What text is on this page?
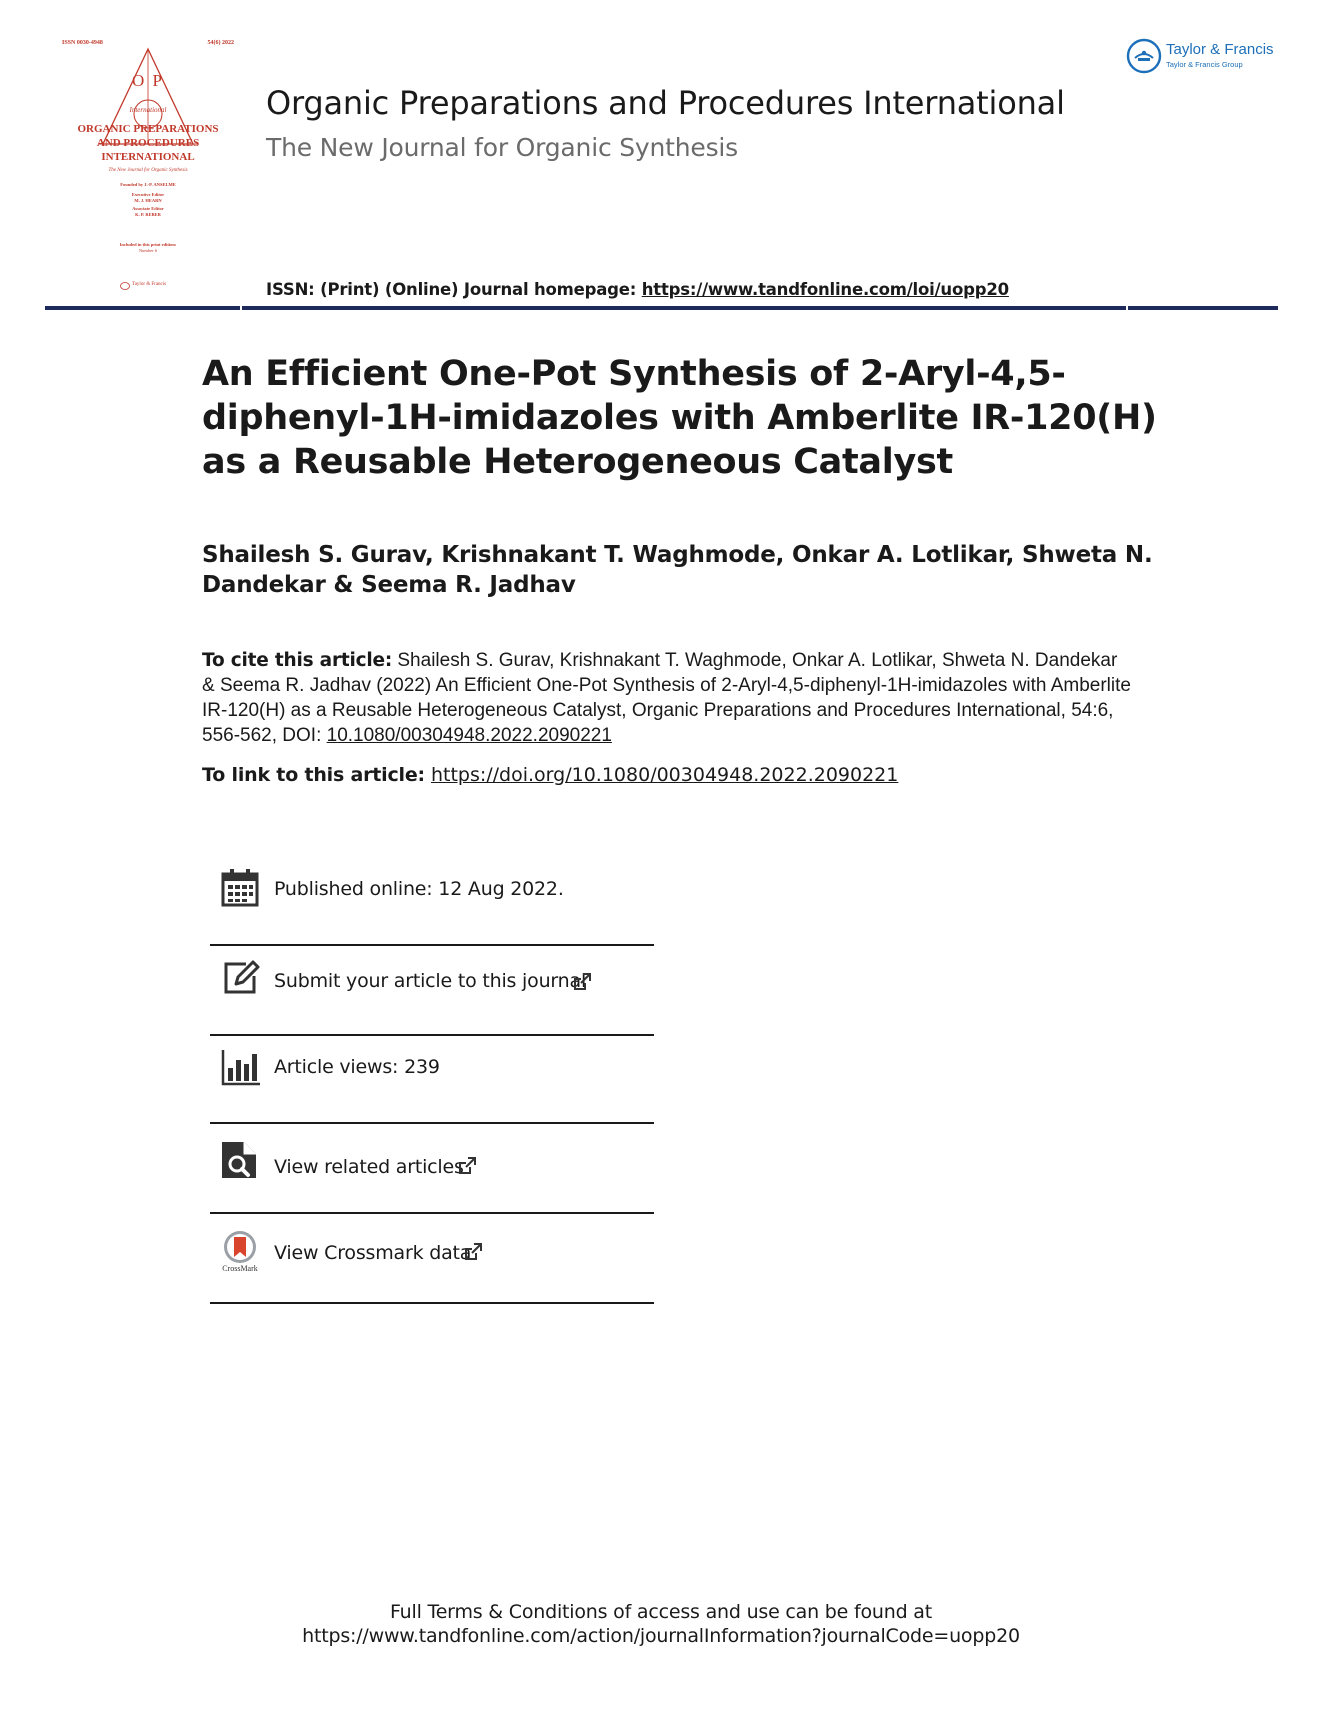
ISSN 0030-4948	54(6) 2022
O P
International
ORGANIC PREPARATIONS
AND PROCEDURES
INTERNATIONAL
The New Journal for Organic Synthesis
Founded by J.-P. ANSELME
Executive Editor
M. J. HEARN
Associate Editor
K. P. REBER
Included in this print edition:
Number 6
Taylor & Francis
Taylor & Francis
Taylor & Francis Group
Organic Preparations and Procedures International
The New Journal for Organic Synthesis
ISSN: (Print) (Online) Journal homepage: https://www.tandfonline.com/loi/uopp20
An Efficient One-Pot Synthesis of 2-Aryl-4,5-diphenyl-1H-imidazoles with Amberlite IR-120(H) as a Reusable Heterogeneous Catalyst
Shailesh S. Gurav, Krishnakant T. Waghmode, Onkar A. Lotlikar, Shweta N. Dandekar & Seema R. Jadhav
To cite this article: Shailesh S. Gurav, Krishnakant T. Waghmode, Onkar A. Lotlikar, Shweta N. Dandekar & Seema R. Jadhav (2022) An Efficient One-Pot Synthesis of 2-Aryl-4,5-diphenyl-1H-imidazoles with Amberlite IR-120(H) as a Reusable Heterogeneous Catalyst, Organic Preparations and Procedures International, 54:6, 556-562, DOI: 10.1080/00304948.2022.2090221
To link to this article: https://doi.org/10.1080/00304948.2022.2090221
Published online: 12 Aug 2022.
Submit your article to this journal
Article views: 239
View related articles
CrossMark
View Crossmark data
Full Terms & Conditions of access and use can be found at
https://www.tandfonline.com/action/journalInformation?journalCode=uopp20
